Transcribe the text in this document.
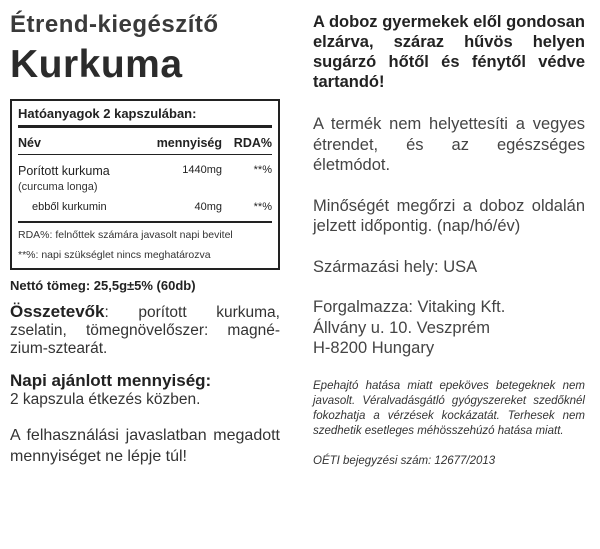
Étrend-kiegészítő
Kurkuma
Hatóanyagok 2 kapszulában:
Név	mennyiség RDA%
Porított kurkuma	1440mg	**%
(curcuma longa)
ebből kurkumin	40mg	**%
RDA%: felnőttek számára javasolt napi bevitel
**%: napi szükséglet nincs meghatározva
Nettó tömeg: 25,5g±5% (60db)
Összetevők: porított kurkuma, zselatin, tömegnövelőszer: magnézium-sztearát.
Napi ajánlott mennyiség:
2 kapszula étkezés közben.
A felhasználási javaslatban megadott mennyiséget ne lépje túl!
A doboz gyermekek elől gondosan elzárva, száraz hűvös helyen sugárzó hőtől és fénytől védve tartandó!
A termék nem helyettesíti a vegyes étrendet, és az egészséges életmódot.
Minőségét megőrzi a doboz oldalán jelzett időpontig. (nap/hó/év)
Származási hely: USA
Forgalmazza: Vitaking Kft.
Állvány u. 10. Veszprém
H-8200 Hungary
Epehajtó hatása miatt epeköves betegeknek nem javasolt. Véralvadásgátló gyógyszereket szedőknél fokozhatja a vérzések kockázatát. Terhesek nem szedhetik esetleges méhösszehúzó hatása miatt.
OÉTI bejegyzési szám: 12677/2013
